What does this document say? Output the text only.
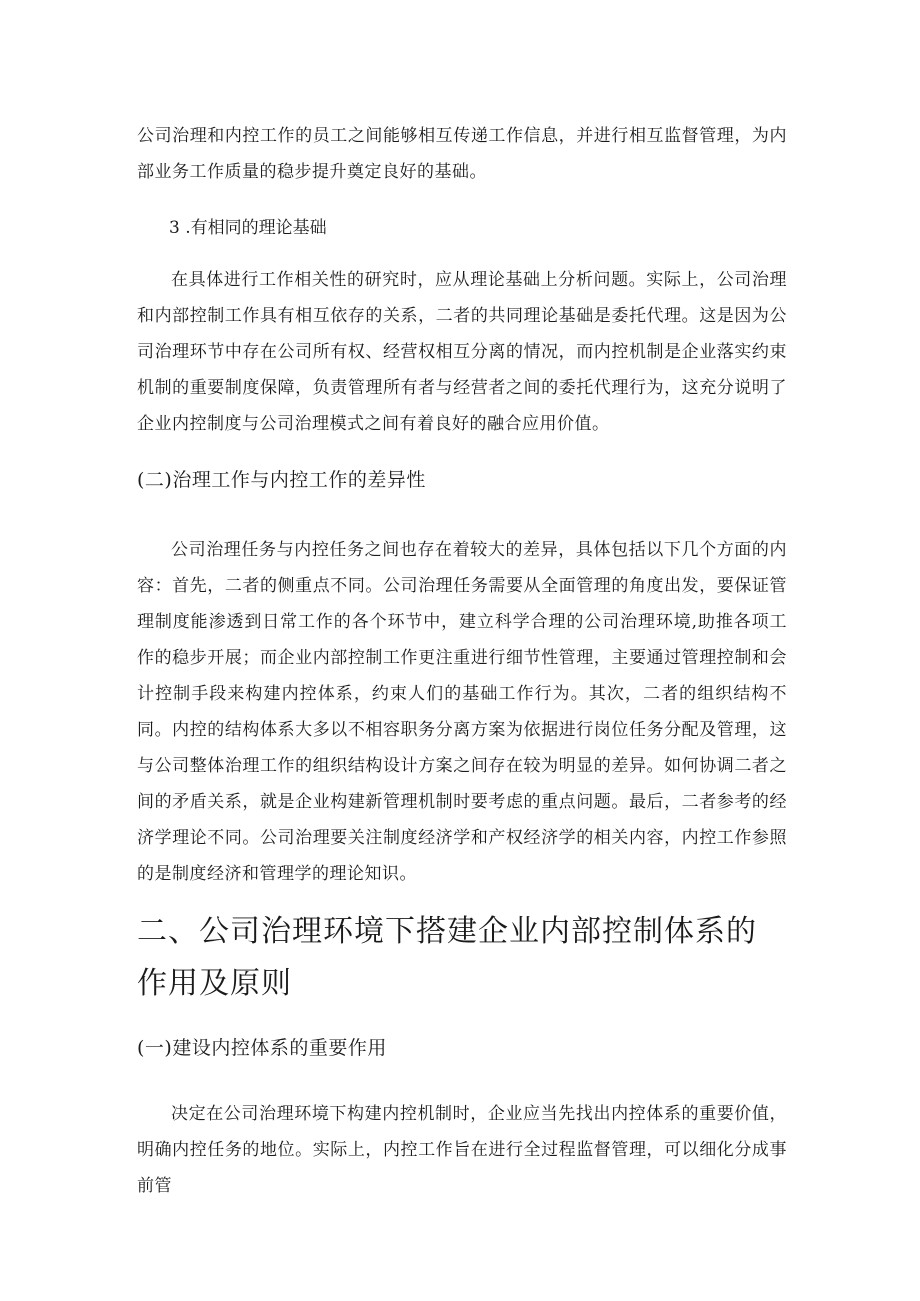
公司治理和内控工作的员工之间能够相互传递工作信息，并进行相互监督管理，为内部业务工作质量的稳步提升奠定良好的基础。

3 .有相同的理论基础

在具体进行工作相关性的研究时，应从理论基础上分析问题。实际上，公司治理和内部控制工作具有相互依存的关系，二者的共同理论基础是委托代理。这是因为公司治理环节中存在公司所有权、经营权相互分离的情况，而内控机制是企业落实约束机制的重要制度保障，负责管理所有者与经营者之间的委托代理行为，这充分说明了企业内控制度与公司治理模式之间有着良好的融合应用价值。

(二)治理工作与内控工作的差异性

公司治理任务与内控任务之间也存在着较大的差异，具体包括以下几个方面的内容：首先，二者的侧重点不同。公司治理任务需要从全面管理的角度出发，要保证管理制度能渗透到日常工作的各个环节中，建立科学合理的公司治理环境,助推各项工作的稳步开展；而企业内部控制工作更注重进行细节性管理，主要通过管理控制和会计控制手段来构建内控体系，约束人们的基础工作行为。其次，二者的组织结构不同。内控的结构体系大多以不相容职务分离方案为依据进行岗位任务分配及管理，这与公司整体治理工作的组织结构设计方案之间存在较为明显的差异。如何协调二者之间的矛盾关系，就是企业构建新管理机制时要考虑的重点问题。最后，二者参考的经济学理论不同。公司治理要关注制度经济学和产权经济学的相关内容，内控工作参照的是制度经济和管理学的理论知识。

二、公司治理环境下搭建企业内部控制体系的作用及原则

(一)建设内控体系的重要作用

决定在公司治理环境下构建内控机制时，企业应当先找出内控体系的重要价值，明确内控任务的地位。实际上，内控工作旨在进行全过程监督管理，可以细化分成事前管
